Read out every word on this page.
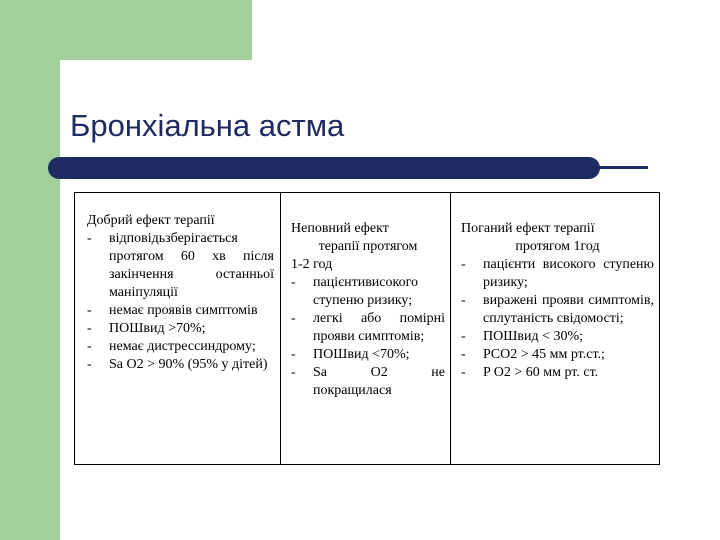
Бронхіальна астма
Добрий ефект терапії
- відповідьзберігається протягом 60 хв після закінчення останньої маніпуляції
- немає проявів симптомів
- ПОШвид >70%;
- немає дистрессиндрому;
- Sa O2 > 90% (95% у дітей)
Неповний ефект
терапії протягом
1-2 год
- пацієнтивисокого ступеню ризику;
- легкі або помірні прояви симптомів;
- ПОШвид <70%;
- Sa O2 не покращилася
Поганий ефект терапії
протягом 1год
- пацієнти високого ступеню ризику;
- виражені прояви симптомів, сплутаність свідомості;
- ПОШвид < 30%;
- PCO2 > 45 мм рт.ст.;
- P O2 > 60 мм рт. ст.
